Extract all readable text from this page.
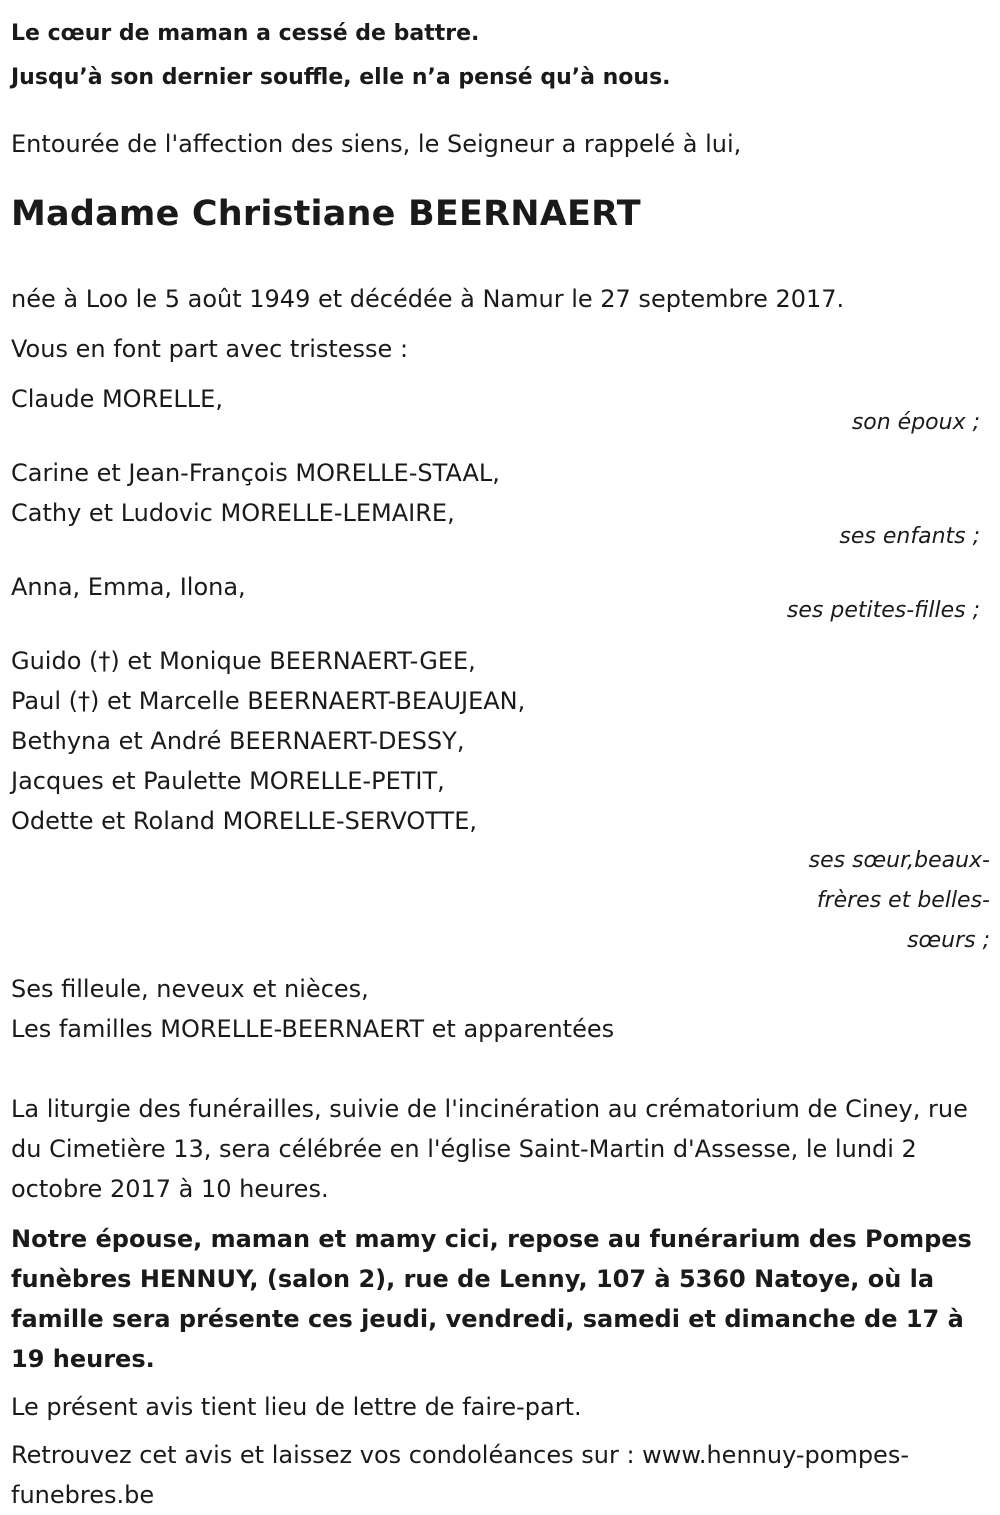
Le cœur de maman a cessé de battre.
Jusqu’à son dernier souffle, elle n’a pensé qu’à nous.
Entourée de l'affection des siens, le Seigneur a rappelé à lui,
Madame Christiane BEERNAERT
née à Loo le 5 août 1949 et décédée à Namur le 27 septembre 2017.
Vous en font part avec tristesse :
Claude MORELLE,
son époux ;
Carine et Jean-François MORELLE-STAAL,
Cathy et Ludovic MORELLE-LEMAIRE,
ses enfants ;
Anna, Emma, Ilona,
ses petites-filles ;
Guido (†) et Monique BEERNAERT-GEE,
Paul (†) et Marcelle BEERNAERT-BEAUJEAN,
Bethyna et André BEERNAERT-DESSY,
Jacques et Paulette MORELLE-PETIT,
Odette et Roland MORELLE-SERVOTTE,
ses sœur,beaux-frères et belles-sœurs ;
Ses filleule, neveux et nièces,
Les familles MORELLE-BEERNAERT et apparentées
La liturgie des funérailles, suivie de l'incinération au crématorium de Ciney, rue du Cimetière 13, sera célébrée en l'église Saint-Martin d'Assesse, le lundi 2 octobre 2017 à 10 heures.
Notre épouse, maman et mamy cici, repose au funérarium des Pompes funèbres HENNUY, (salon 2), rue de Lenny, 107 à 5360 Natoye, où la famille sera présente ces jeudi, vendredi, samedi et dimanche de 17 à 19 heures.
Le présent avis tient lieu de lettre de faire-part.
Retrouvez cet avis et laissez vos condoléances sur : www.hennuy-pompes-funebres.be
